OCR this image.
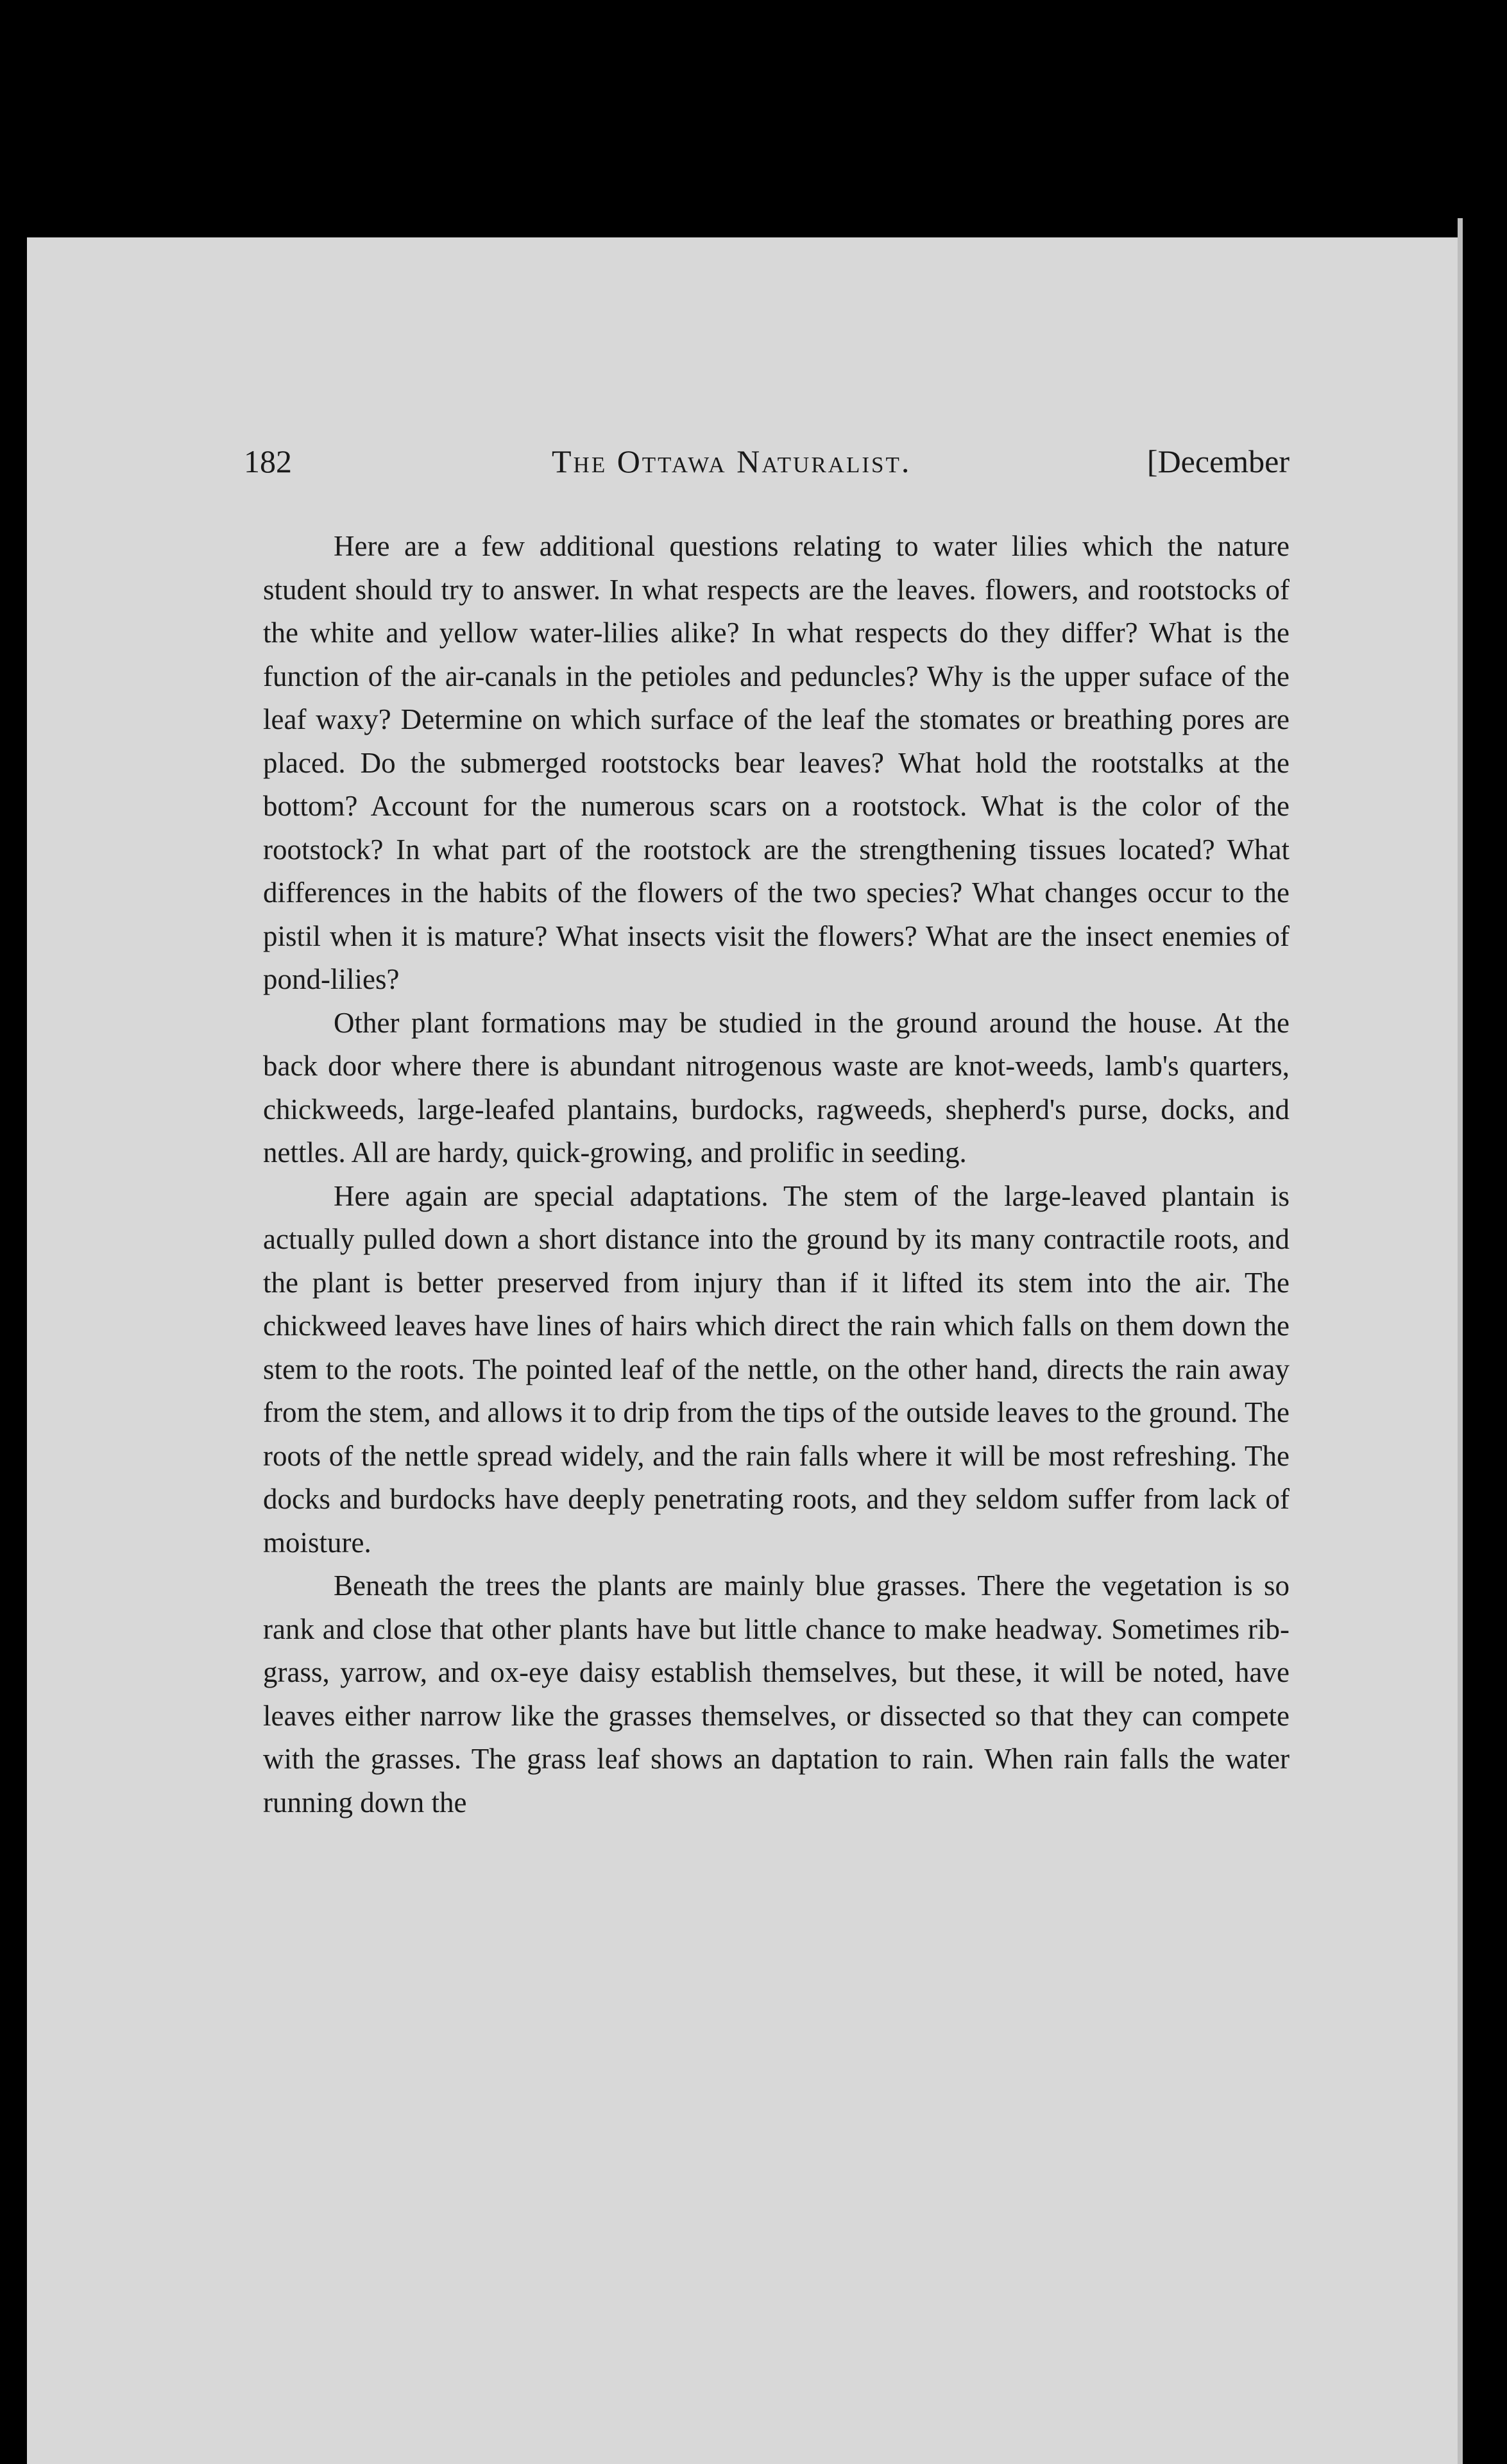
182	The Ottawa Naturalist.	[December

Here are a few additional questions relating to water lilies which the nature student should try to answer. In what respects are the leaves. flowers, and rootstocks of the white and yellow water-lilies alike? In what respects do they differ? What is the function of the air-canals in the petioles and peduncles? Why is the upper suface of the leaf waxy? Determine on which surface of the leaf the stomates or breathing pores are placed. Do the submerged rootstocks bear leaves? What hold the rootstalks at the bottom? Account for the numerous scars on a rootstock. What is the color of the rootstock? In what part of the rootstock are the strengthening tissues located? What differences in the habits of the flowers of the two species? What changes occur to the pistil when it is mature? What insects visit the flowers? What are the insect enemies of pond-lilies?

Other plant formations may be studied in the ground around the house. At the back door where there is abundant nitrogenous waste are knot-weeds, lamb's quarters, chickweeds, large-leafed plantains, burdocks, ragweeds, shepherd's purse, docks, and nettles. All are hardy, quick-growing, and prolific in seeding.

Here again are special adaptations. The stem of the large-leaved plantain is actually pulled down a short distance into the ground by its many contractile roots, and the plant is better preserved from injury than if it lifted its stem into the air. The chickweed leaves have lines of hairs which direct the rain which falls on them down the stem to the roots. The pointed leaf of the nettle, on the other hand, directs the rain away from the stem, and allows it to drip from the tips of the outside leaves to the ground. The roots of the nettle spread widely, and the rain falls where it will be most refreshing. The docks and burdocks have deeply penetrating roots, and they seldom suffer from lack of moisture.

Beneath the trees the plants are mainly blue grasses. There the vegetation is so rank and close that other plants have but little chance to make headway. Sometimes rib-grass, yarrow, and ox-eye daisy establish themselves, but these, it will be noted, have leaves either narrow like the grasses themselves, or dissected so that they can compete with the grasses. The grass leaf shows an daptation to rain. When rain falls the water running down the
